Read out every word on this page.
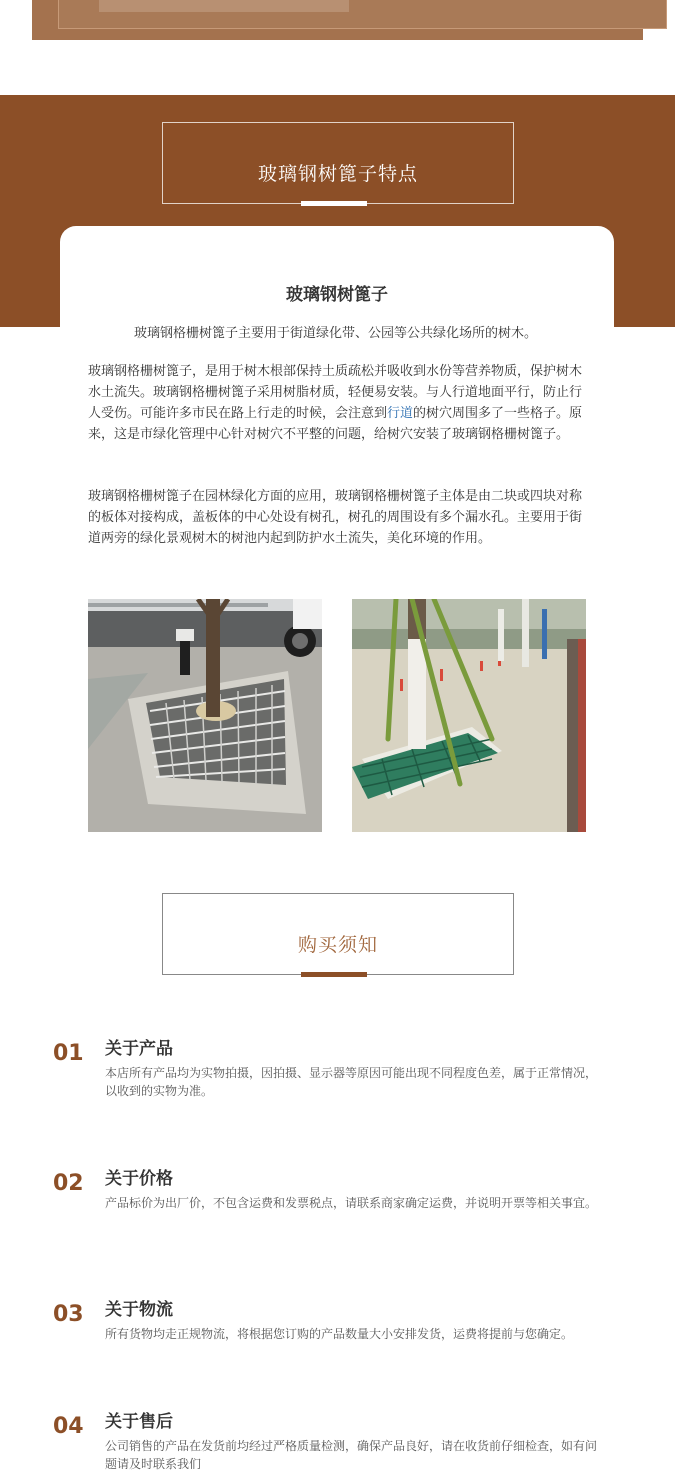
玻璃钢树篦子特点
玻璃钢树篦子
玻璃钢格栅树篦子主要用于街道绿化带、公园等公共绿化场所的树木。
玻璃钢格栅树篦子，是用于树木根部保持土质疏松并吸收到水份等营养物质，保护树木水土流失。玻璃钢格栅树篦子采用树脂材质，轻便易安装。与人行道地面平行，防止行人受伤。可能许多市民在路上行走的时候，会注意到行道的树穴周围多了一些格子。原来，这是市绿化管理中心针对树穴不平整的问题，给树穴安装了玻璃钢格栅树篦子。
玻璃钢格栅树篦子在园林绿化方面的应用，玻璃钢格栅树篦子主体是由二块或四块对称的板体对接构成，盖板体的中心处设有树孔，树孔的周围设有多个漏水孔。主要用于街道两旁的绿化景观树木的树池内起到防护水土流失，美化环境的作用。
购买须知
01 关于产品
本店所有产品均为实物拍摄，因拍摄、显示器等原因可能出现不同程度色差，属于正常情况，以收到的实物为准。
02 关于价格
产品标价为出厂价，不包含运费和发票税点，请联系商家确定运费，并说明开票等相关事宜。
03 关于物流
所有货物均走正规物流，将根据您订购的产品数量大小安排发货，运费将提前与您确定。
04 关于售后
公司销售的产品在发货前均经过严格质量检测，确保产品良好，请在收货前仔细检查，如有问题请及时联系我们
